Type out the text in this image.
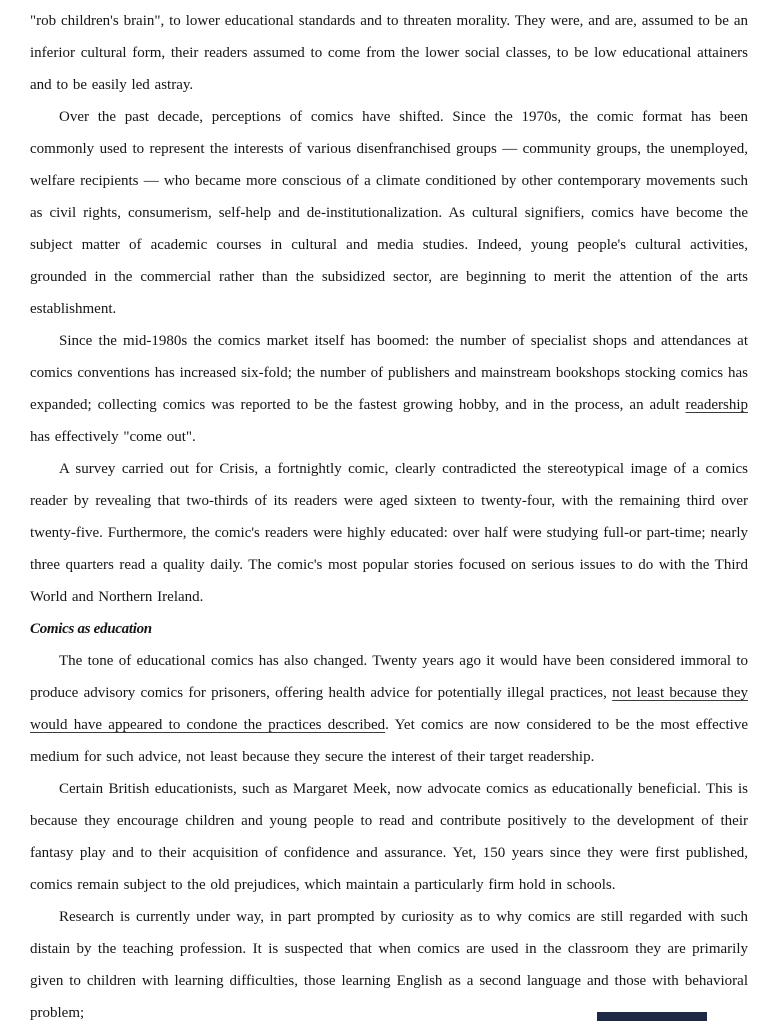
"rob children's brain", to lower educational standards and to threaten morality. They were, and are, assumed to be an inferior cultural form, their readers assumed to come from the lower social classes, to be low educational attainers and to be easily led astray.

Over the past decade, perceptions of comics have shifted. Since the 1970s, the comic format has been commonly used to represent the interests of various disenfranchised groups — community groups, the unemployed, welfare recipients — who became more conscious of a climate conditioned by other contemporary movements such as civil rights, consumerism, self-help and de-institutionalization. As cultural signifiers, comics have become the subject matter of academic courses in cultural and media studies. Indeed, young people's cultural activities, grounded in the commercial rather than the subsidized sector, are beginning to merit the attention of the arts establishment.

Since the mid-1980s the comics market itself has boomed: the number of specialist shops and attendances at comics conventions has increased six-fold; the number of publishers and mainstream bookshops stocking comics has expanded; collecting comics was reported to be the fastest growing hobby, and in the process, an adult readership has effectively "come out".

A survey carried out for Crisis, a fortnightly comic, clearly contradicted the stereotypical image of a comics reader by revealing that two-thirds of its readers were aged sixteen to twenty-four, with the remaining third over twenty-five. Furthermore, the comic's readers were highly educated: over half were studying full-or part-time; nearly three quarters read a quality daily. The comic's most popular stories focused on serious issues to do with the Third World and Northern Ireland.

Comics as education

The tone of educational comics has also changed. Twenty years ago it would have been considered immoral to produce advisory comics for prisoners, offering health advice for potentially illegal practices, not least because they would have appeared to condone the practices described. Yet comics are now considered to be the most effective medium for such advice, not least because they secure the interest of their target readership.

Certain British educationists, such as Margaret Meek, now advocate comics as educationally beneficial. This is because they encourage children and young people to read and contribute positively to the development of their fantasy play and to their acquisition of confidence and assurance. Yet, 150 years since they were first published, comics remain subject to the old prejudices, which maintain a particularly firm hold in schools.

Research is currently under way, in part prompted by curiosity as to why comics are still regarded with such distain by the teaching profession. It is suspected that when comics are used in the classroom they are primarily given to children with learning difficulties, those learning English as a second language and those with behavioral problem;
